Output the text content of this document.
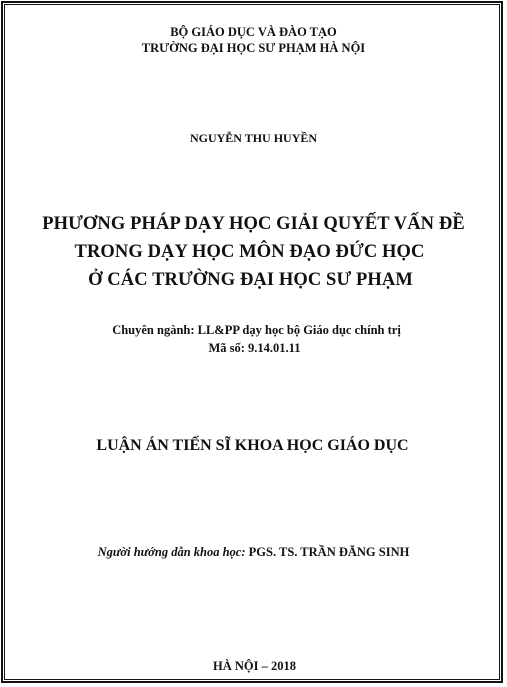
BỘ GIÁO DỤC VÀ ĐÀO TẠO
TRƯỜNG ĐẠI HỌC SƯ PHẠM HÀ NỘI
NGUYỄN THU HUYỀN
PHƯƠNG PHÁP DẠY HỌC GIẢI QUYẾT VẤN ĐỀ
TRONG DẠY HỌC MÔN ĐẠO ĐỨC HỌC
Ở CÁC TRƯỜNG ĐẠI HỌC SƯ PHẠM
Chuyên ngành: LL&PP dạy học bộ Giáo dục chính trị
Mã số: 9.14.01.11
LUẬN ÁN TIẾN SĨ KHOA HỌC GIÁO DỤC
Người hướng dẫn khoa học: PGS. TS. TRẦN ĐĂNG SINH
HÀ NỘI – 2018
